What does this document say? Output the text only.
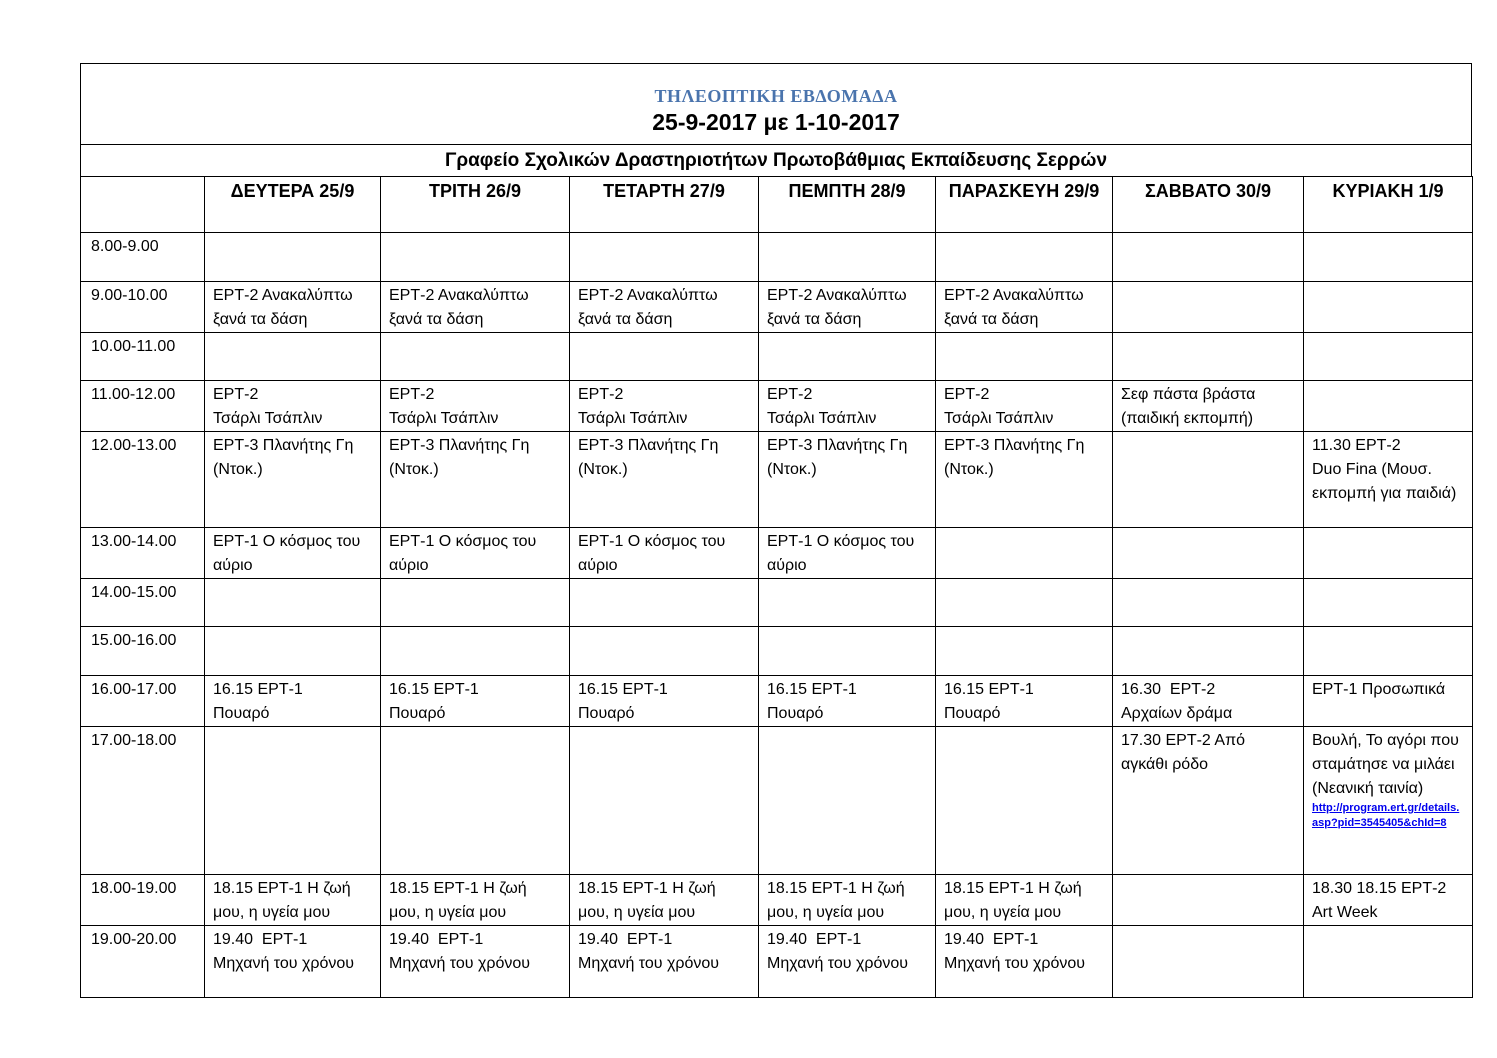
ΤΗΛΕΟΠΤΙΚΗ ΕΒΔΟΜΑΔΑ
25-9-2017 με 1-10-2017
Γραφείο Σχολικών Δραστηριοτήτων Πρωτοβάθμιας Εκπαίδευσης Σερρών
	ΔΕΥΤΕΡΑ 25/9	ΤΡΙΤΗ 26/9	ΤΕΤΑΡΤΗ 27/9	ΠΕΜΠΤΗ 28/9	ΠΑΡΑΣΚΕΥΗ 29/9	ΣΑΒΒΑΤΟ 30/9	ΚΥΡΙΑΚΗ 1/9
8.00-9.00	

9.00-10.00	ΕΡΤ-2 Ανακαλύπτω ξανά τα δάση	ΕΡΤ-2 Ανακαλύπτω ξανά τα δάση	ΕΡΤ-2 Ανακαλύπτω ξανά τα δάση	ΕΡΤ-2 Ανακαλύπτω ξανά τα δάση	ΕΡΤ-2 Ανακαλύπτω ξανά τα δάση		

10.00-11.00	

11.00-12.00	ΕΡΤ-2
Τσάρλι Τσάπλιν	ΕΡΤ-2
Τσάρλι Τσάπλιν	ΕΡΤ-2
Τσάρλι Τσάπλιν	ΕΡΤ-2
Τσάρλι Τσάπλιν	ΕΡΤ-2
Τσάρλι Τσάπλιν	Σεφ πάστα βράστα (παιδική εκπομπή)	

12.00-13.00	ΕΡΤ-3 Πλανήτης Γη (Ντοκ.)	ΕΡΤ-3 Πλανήτης Γη (Ντοκ.)	ΕΡΤ-3 Πλανήτης Γη (Ντοκ.)	ΕΡΤ-3 Πλανήτης Γη (Ντοκ.)	ΕΡΤ-3 Πλανήτης Γη (Ντοκ.)		11.30 ΕΡΤ-2
Duo Fina (Μουσ. εκπομπή για παιδιά)

13.00-14.00	ΕΡΤ-1 Ο κόσμος του αύριο	ΕΡΤ-1 Ο κόσμος του αύριο	ΕΡΤ-1 Ο κόσμος του αύριο	ΕΡΤ-1 Ο κόσμος του αύριο			

14.00-15.00	

15.00-16.00	

16.00-17.00	16.15 ΕΡΤ-1
Πουαρό	16.15 ΕΡΤ-1
Πουαρό	16.15 ΕΡΤ-1
Πουαρό	16.15 ΕΡΤ-1
Πουαρό	16.15 ΕΡΤ-1
Πουαρό	16.30  ΕΡΤ-2
Αρχαίων δράμα	ΕΡΤ-1 Προσωπικά

17.00-18.00						17.30 ΕΡΤ-2 Από αγκάθι ρόδο	Βουλή, Το αγόρι που σταμάτησε να μιλάει (Νεανική ταινία)
http://program.ert.gr/details.asp?pid=3545405&chId=8

18.00-19.00	18.15 ΕΡΤ-1 Η ζωή μου, η υγεία μου	18.15 ΕΡΤ-1 Η ζωή μου, η υγεία μου	18.15 ΕΡΤ-1 Η ζωή μου, η υγεία μου	18.15 ΕΡΤ-1 Η ζωή μου, η υγεία μου	18.15 ΕΡΤ-1 Η ζωή μου, η υγεία μου		18.30 18.15 ΕΡΤ-2
Art Week

19.00-20.00	19.40  ΕΡΤ-1
Μηχανή του χρόνου	19.40  ΕΡΤ-1
Μηχανή του χρόνου	19.40  ΕΡΤ-1
Μηχανή του χρόνου	19.40  ΕΡΤ-1
Μηχανή του χρόνου	19.40  ΕΡΤ-1
Μηχανή του χρόνου		
